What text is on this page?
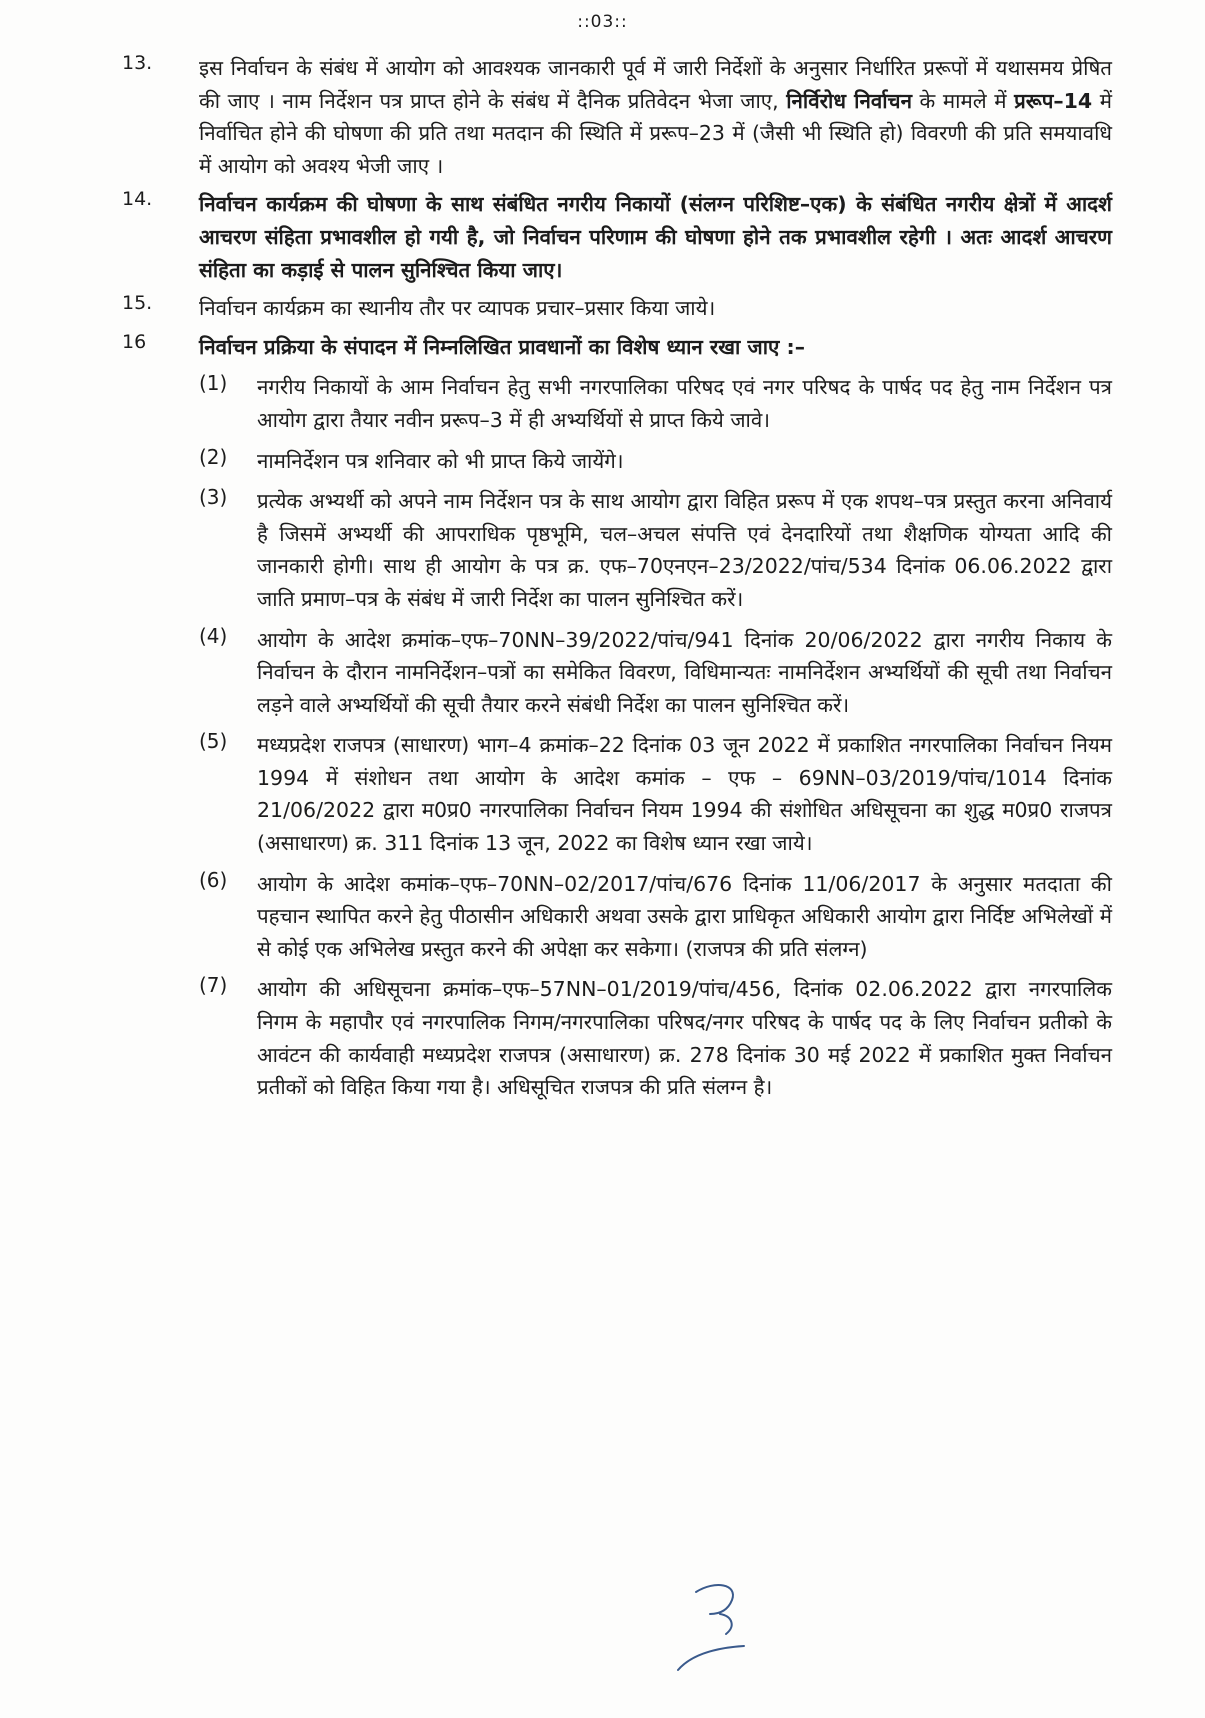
::03::
13. इस निर्वाचन के संबंध में आयोग को आवश्यक जानकारी पूर्व में जारी निर्देशों के अनुसार निर्धारित प्ररूपों में यथासमय प्रेषित की जाए । नाम निर्देशन पत्र प्राप्त होने के संबंध में दैनिक प्रतिवेदन भेजा जाए, निर्विरोध निर्वाचन के मामले में प्ररूप–14 में निर्वाचित होने की घोषणा की प्रति तथा मतदान की स्थिति में प्ररूप–23 में (जैसी भी स्थिति हो) विवरणी की प्रति समयावधि में आयोग को अवश्य भेजी जाए ।
14. निर्वाचन कार्यक्रम की घोषणा के साथ संबंधित नगरीय निकायों (संलग्न परिशिष्ट–एक) के संबंधित नगरीय क्षेत्रों में आदर्श आचरण संहिता प्रभावशील हो गयी है, जो निर्वाचन परिणाम की घोषणा होने तक प्रभावशील रहेगी । अतः आदर्श आचरण संहिता का कड़ाई से पालन सुनिश्चित किया जाए।
15. निर्वाचन कार्यक्रम का स्थानीय तौर पर व्यापक प्रचार–प्रसार किया जाये।
16	निर्वाचन प्रक्रिया के संपादन में निम्नलिखित प्रावधानों का विशेष ध्यान रखा जाए :–
(1) नगरीय निकायों के आम निर्वाचन हेतु सभी नगरपालिका परिषद एवं नगर परिषद के पार्षद पद हेतु नाम निर्देशन पत्र आयोग द्वारा तैयार नवीन प्ररूप–3 में ही अभ्यर्थियों से प्राप्त किये जावे।
(2) नामनिर्देशन पत्र शनिवार को भी प्राप्त किये जायेंगे।
(3) प्रत्येक अभ्यर्थी को अपने नाम निर्देशन पत्र के साथ आयोग द्वारा विहित प्ररूप में एक शपथ–पत्र प्रस्तुत करना अनिवार्य है जिसमें अभ्यर्थी की आपराधिक पृष्ठभूमि, चल–अचल संपत्ति एवं देनदारियों तथा शैक्षणिक योग्यता आदि की जानकारी होगी। साथ ही आयोग के पत्र क्र. एफ–70एनएन–23/2022/पांच/534 दिनांक 06.06.2022 द्वारा जाति प्रमाण–पत्र के संबंध में जारी निर्देश का पालन सुनिश्चित करें।
(4) आयोग के आदेश क्रमांक–एफ–70NN–39/2022/पांच/941 दिनांक 20/06/2022 द्वारा नगरीय निकाय के निर्वाचन के दौरान नामनिर्देशन–पत्रों का समेकित विवरण, विधिमान्यतः नामनिर्देशन अभ्यर्थियों की सूची तथा निर्वाचन लड़ने वाले अभ्यर्थियों की सूची तैयार करने संबंधी निर्देश का पालन सुनिश्चित करें।
(5) मध्यप्रदेश राजपत्र (साधारण) भाग–4 क्रमांक–22 दिनांक 03 जून 2022 में प्रकाशित नगरपालिका निर्वाचन नियम 1994 में संशोधन तथा आयोग के आदेश कमांक – एफ – 69NN–03/2019/पांच/1014 दिनांक 21/06/2022 द्वारा म0प्र0 नगरपालिका निर्वाचन नियम 1994 की संशोधित अधिसूचना का शुद्ध म0प्र0 राजपत्र (असाधारण) क्र. 311 दिनांक 13 जून, 2022 का विशेष ध्यान रखा जाये।
(6) आयोग के आदेश कमांक–एफ–70NN–02/2017/पांच/676 दिनांक 11/06/2017 के अनुसार मतदाता की पहचान स्थापित करने हेतु पीठासीन अधिकारी अथवा उसके द्वारा प्राधिकृत अधिकारी आयोग द्वारा निर्दिष्ट अभिलेखों में से कोई एक अभिलेख प्रस्तुत करने की अपेक्षा कर सकेगा। (राजपत्र की प्रति संलग्न)
(7) आयोग की अधिसूचना क्रमांक–एफ–57NN–01/2019/पांच/456, दिनांक 02.06.2022 द्वारा नगरपालिक निगम के महापौर एवं नगरपालिक निगम/नगरपालिका परिषद/नगर परिषद के पार्षद पद के लिए निर्वाचन प्रतीको के आवंटन की कार्यवाही मध्यप्रदेश राजपत्र (असाधारण) क्र. 278 दिनांक 30 मई 2022 में प्रकाशित मुक्त निर्वाचन प्रतीकों को विहित किया गया है। अधिसूचित राजपत्र की प्रति संलग्न है।
